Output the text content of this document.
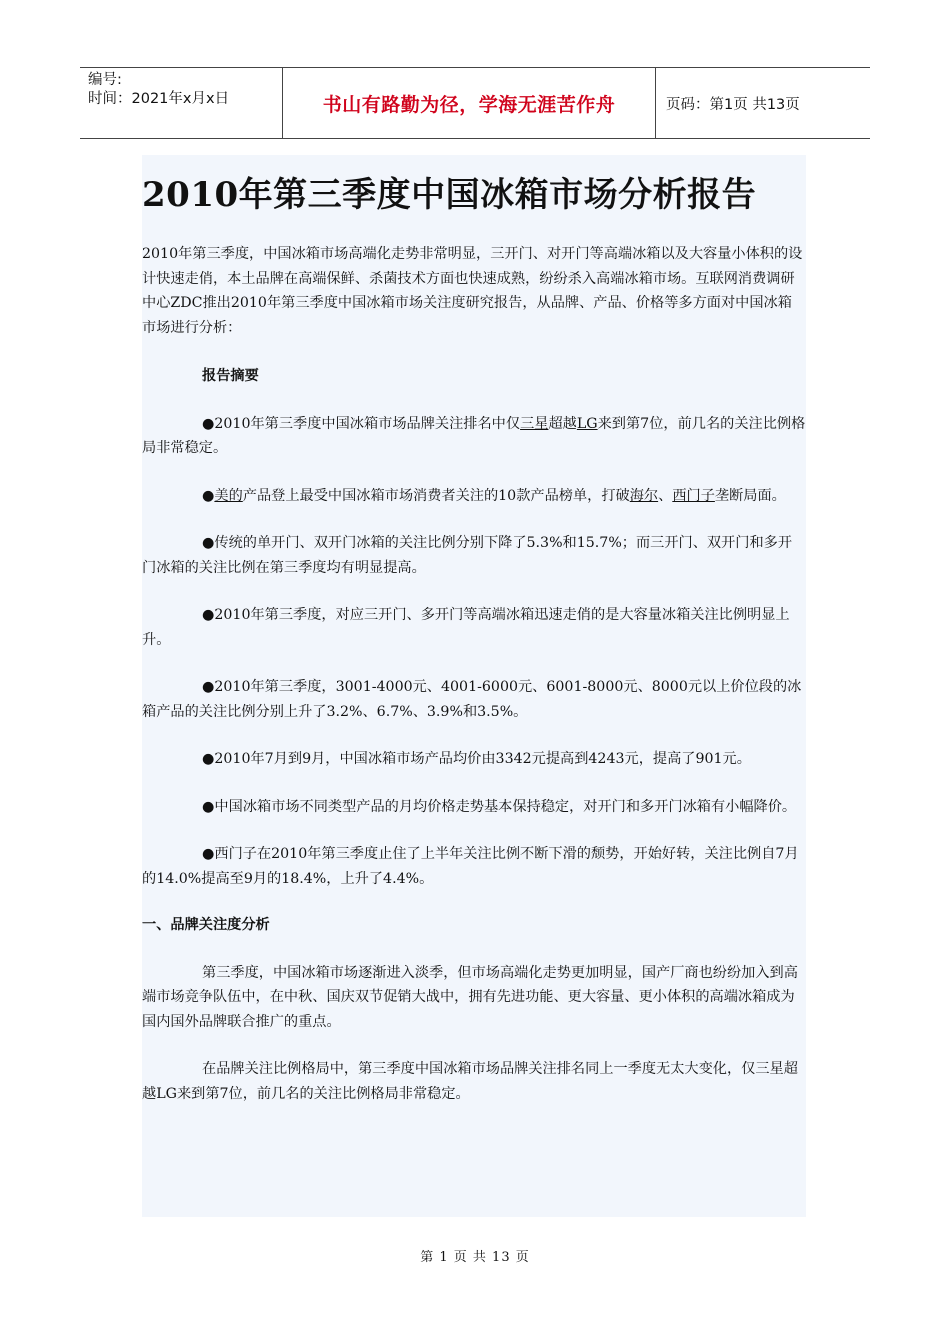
编号:
时间：2021年x月x日	书山有路勤为径，学海无涯苦作舟	页码：第1页 共13页
2010年第三季度中国冰箱市场分析报告

2010年第三季度，中国冰箱市场高端化走势非常明显，三开门、对开门等高端冰箱以及大容量小体积的设计快速走俏，本土品牌在高端保鲜、杀菌技术方面也快速成熟，纷纷杀入高端冰箱市场。互联网消费调研中心ZDC推出2010年第三季度中国冰箱市场关注度研究报告，从品牌、产品、价格等多方面对中国冰箱市场进行分析：

报告摘要

●2010年第三季度中国冰箱市场品牌关注排名中仅三星超越LG来到第7位，前几名的关注比例格局非常稳定。

●美的产品登上最受中国冰箱市场消费者关注的10款产品榜单，打破海尔、西门子垄断局面。

●传统的单开门、双开门冰箱的关注比例分别下降了5.3%和15.7%；而三开门、双开门和多开门冰箱的关注比例在第三季度均有明显提高。

●2010年第三季度，对应三开门、多开门等高端冰箱迅速走俏的是大容量冰箱关注比例明显上升。

●2010年第三季度，3001-4000元、4001-6000元、6001-8000元、8000元以上价位段的冰箱产品的关注比例分别上升了3.2%、6.7%、3.9%和3.5%。

●2010年7月到9月，中国冰箱市场产品均价由3342元提高到4243元，提高了901元。

●中国冰箱市场不同类型产品的月均价格走势基本保持稳定，对开门和多开门冰箱有小幅降价。

●西门子在2010年第三季度止住了上半年关注比例不断下滑的颓势，开始好转，关注比例自7月的14.0%提高至9月的18.4%，上升了4.4%。

一、品牌关注度分析

第三季度，中国冰箱市场逐渐进入淡季，但市场高端化走势更加明显，国产厂商也纷纷加入到高端市场竞争队伍中，在中秋、国庆双节促销大战中，拥有先进功能、更大容量、更小体积的高端冰箱成为国内国外品牌联合推广的重点。

在品牌关注比例格局中，第三季度中国冰箱市场品牌关注排名同上一季度无太大变化，仅三星超越LG来到第7位，前几名的关注比例格局非常稳定。

第 1 页 共 13 页
